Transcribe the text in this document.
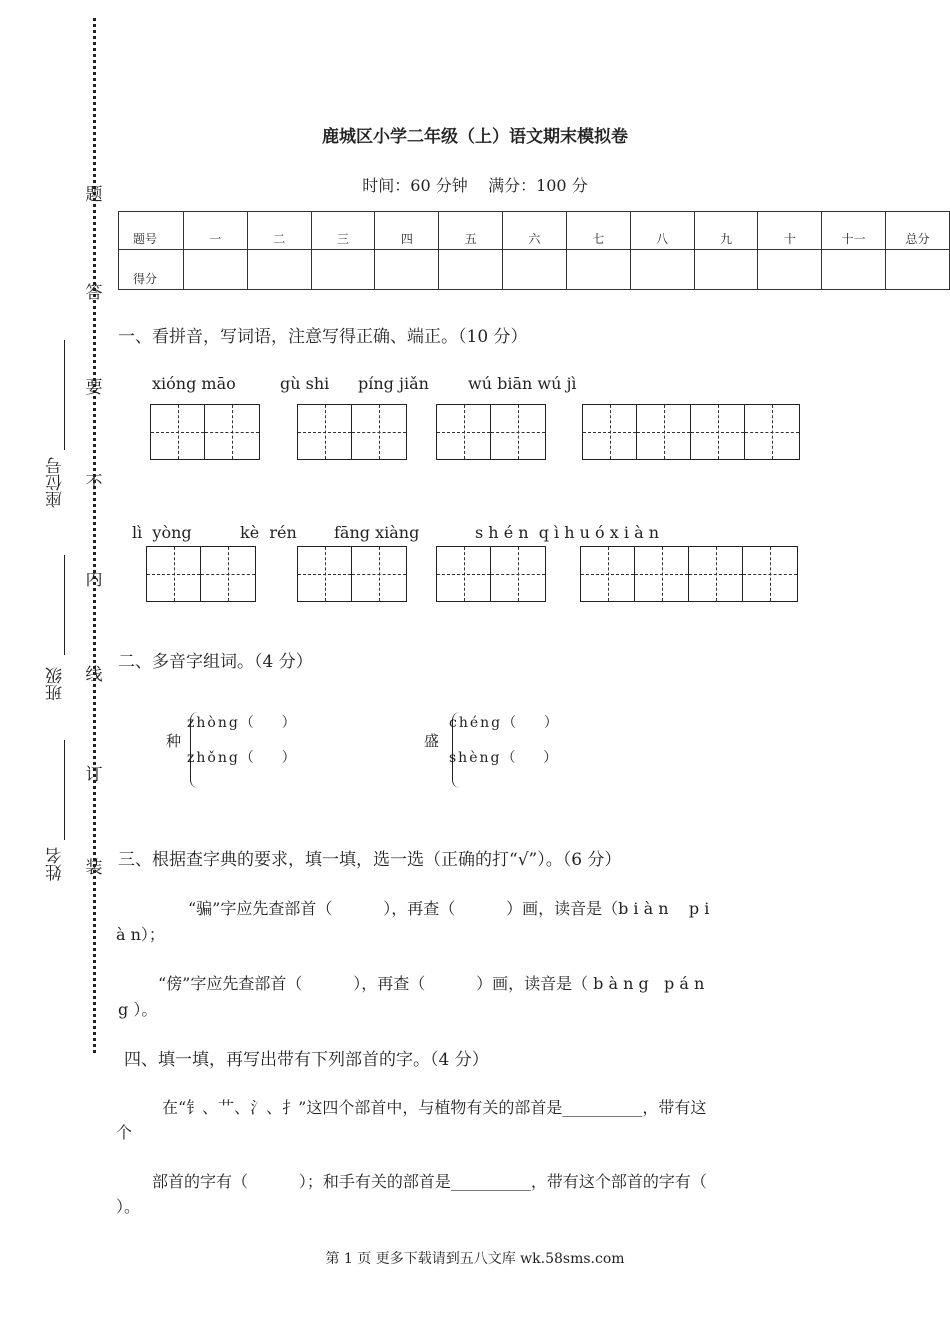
题
答
要
不
内
线
订
装
座位号
班级
姓名
鹿城区小学二年级（上）语文期末模拟卷
时间：60 分钟    满分：100 分
题号	一	二	三	四	五	六	七	八	九	十	十一	总分
得分												
一、看拼音，写词语，注意写得正确、端正。（10 分）
xióng māo	gù shi píng jiǎn wú biān wú jì
lì  yòng	kè  rén fāng xiàng	s h é n  q ì h u ó x i à n
二、多音字组词。（4 分）
种
zhòng（    ）
zhǒng（    ）
盛
chéng（    ）
shèng（    ）
三、根据查字典的要求，填一填，选一选（正确的打“√”）。（6 分）
“骗”字应先查部首（          ），再查（          ）画，读音是（b i à n    p i
à n）；
“傍”字应先查部首（          ），再查（          ）画，读音是（ b à n g   p á n
g ）。
四、填一填，再写出带有下列部首的字。（4 分）
在“钅、艹、氵、扌”这四个部首中，与植物有关的部首是__________，带有这
个
部首的字有（          ）；和手有关的部首是__________，带有这个部首的字有（
）。
第 1 页 更多下载请到五八文库 wk.58sms.com
